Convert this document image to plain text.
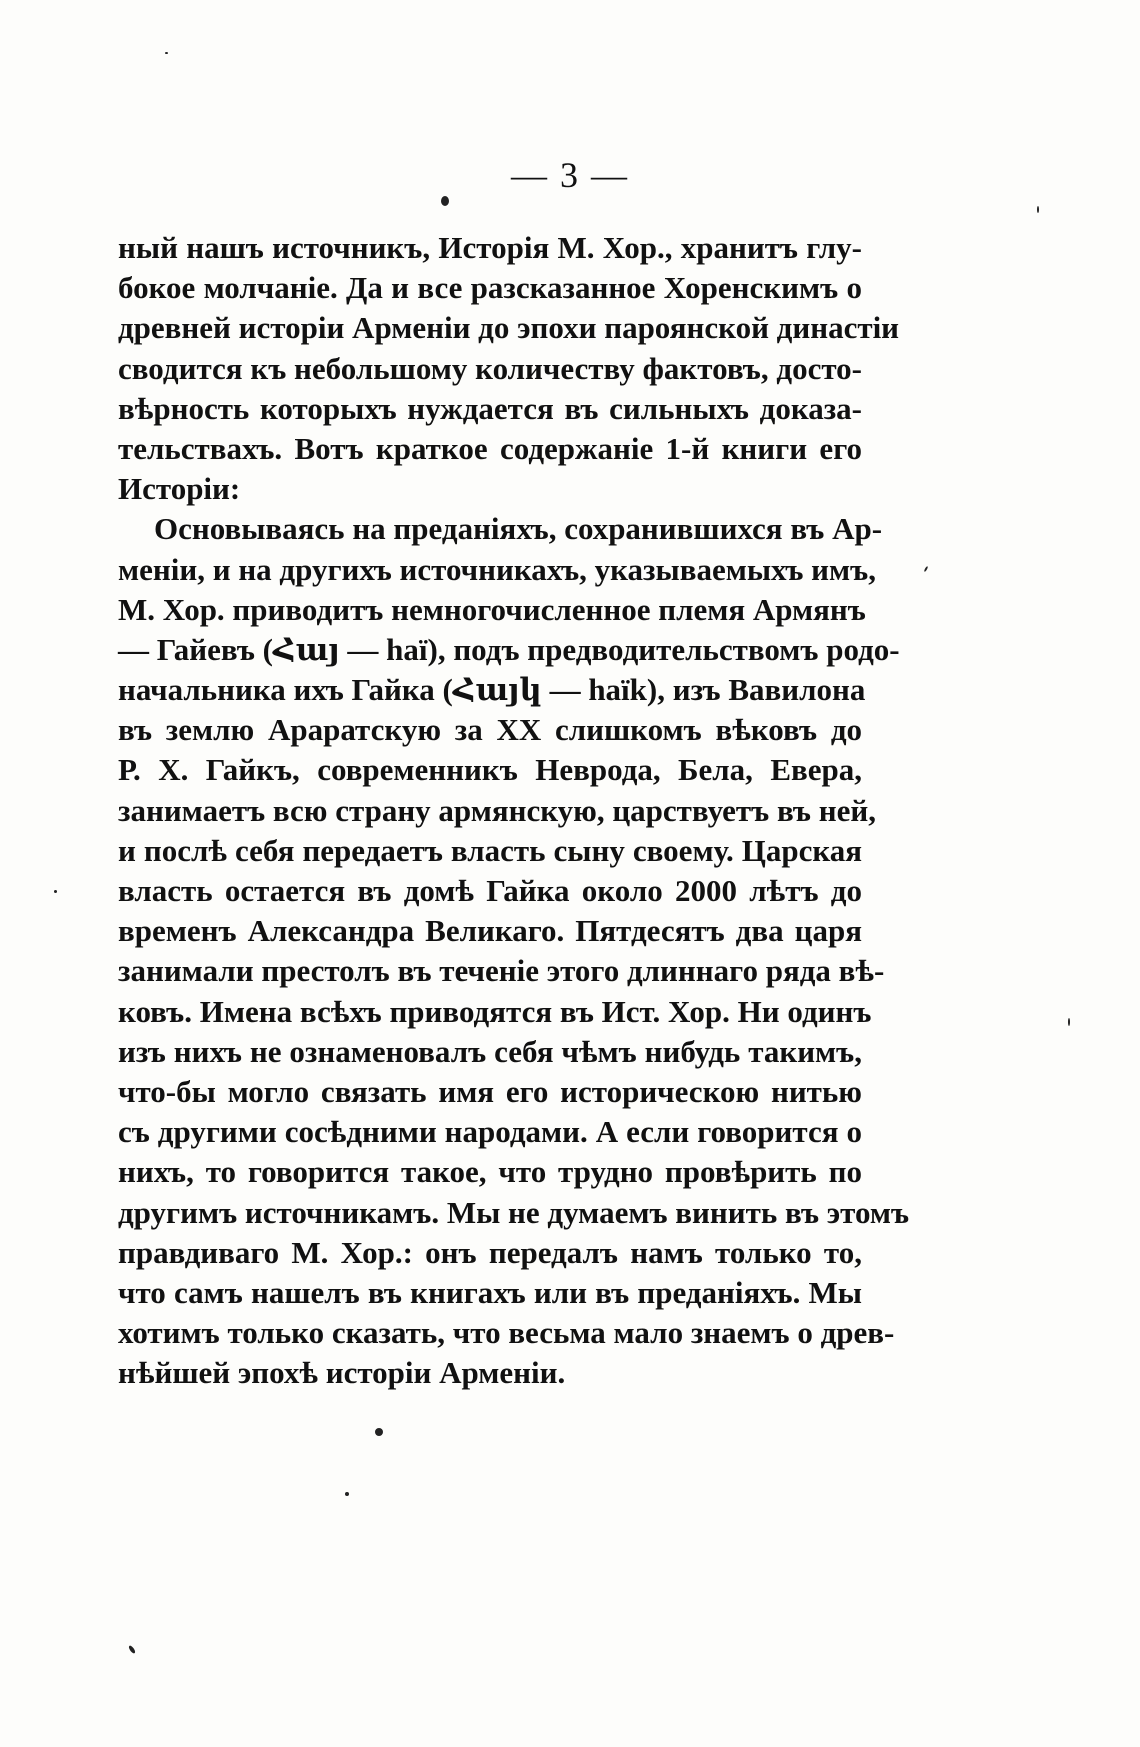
— 3 —
ный нашъ источникъ, Исторія М. Хор., хранитъ глу-
бокое молчаніе. Да и все разсказанное Хоренскимъ о
древней исторіи Арменіи до эпохи пароянской династіи
сводится къ небольшому количеству фактовъ, досто-
вѣрность которыхъ нуждается въ сильныхъ доказа-
тельствахъ. Вотъ краткое содержаніе 1-й книги его
Исторіи:
Основываясь на преданіяхъ, сохранившихся въ Ар-
меніи, и на другихъ источникахъ, указываемыхъ имъ,
М. Хор. приводитъ немногочисленное племя Армянъ
— Гайевъ (Հայ — haï), подъ предводительствомъ родо-
начальника ихъ Гайка (Հայկ — haïk), изъ Вавилона
въ землю Араратскую за XX слишкомъ вѣковъ до
Р. Х. Гайкъ, современникъ Неврода, Бела, Евера,
занимаетъ всю страну армянскую, царствуетъ въ ней,
и послѣ себя передаетъ власть сыну своему. Царская
власть остается въ домѣ Гайка около 2000 лѣтъ до
временъ Александра Великаго. Пятдесятъ два царя
занимали престолъ въ теченіе этого длиннаго ряда вѣ-
ковъ. Имена всѣхъ приводятся въ Ист. Хор. Ни одинъ
изъ нихъ не ознаменовалъ себя чѣмъ нибудь такимъ,
что-бы могло связать имя его историческою нитью
съ другими сосѣдними народами. А если говорится о
нихъ, то говорится такое, что трудно провѣрить по
другимъ источникамъ. Мы не думаемъ винить въ этомъ
правдиваго М. Хор.: онъ передалъ намъ только то,
что самъ нашелъ въ книгахъ или въ преданіяхъ. Мы
хотимъ только сказать, что весьма мало знаемъ о древ-
нѣйшей эпохѣ исторіи Арменіи.
